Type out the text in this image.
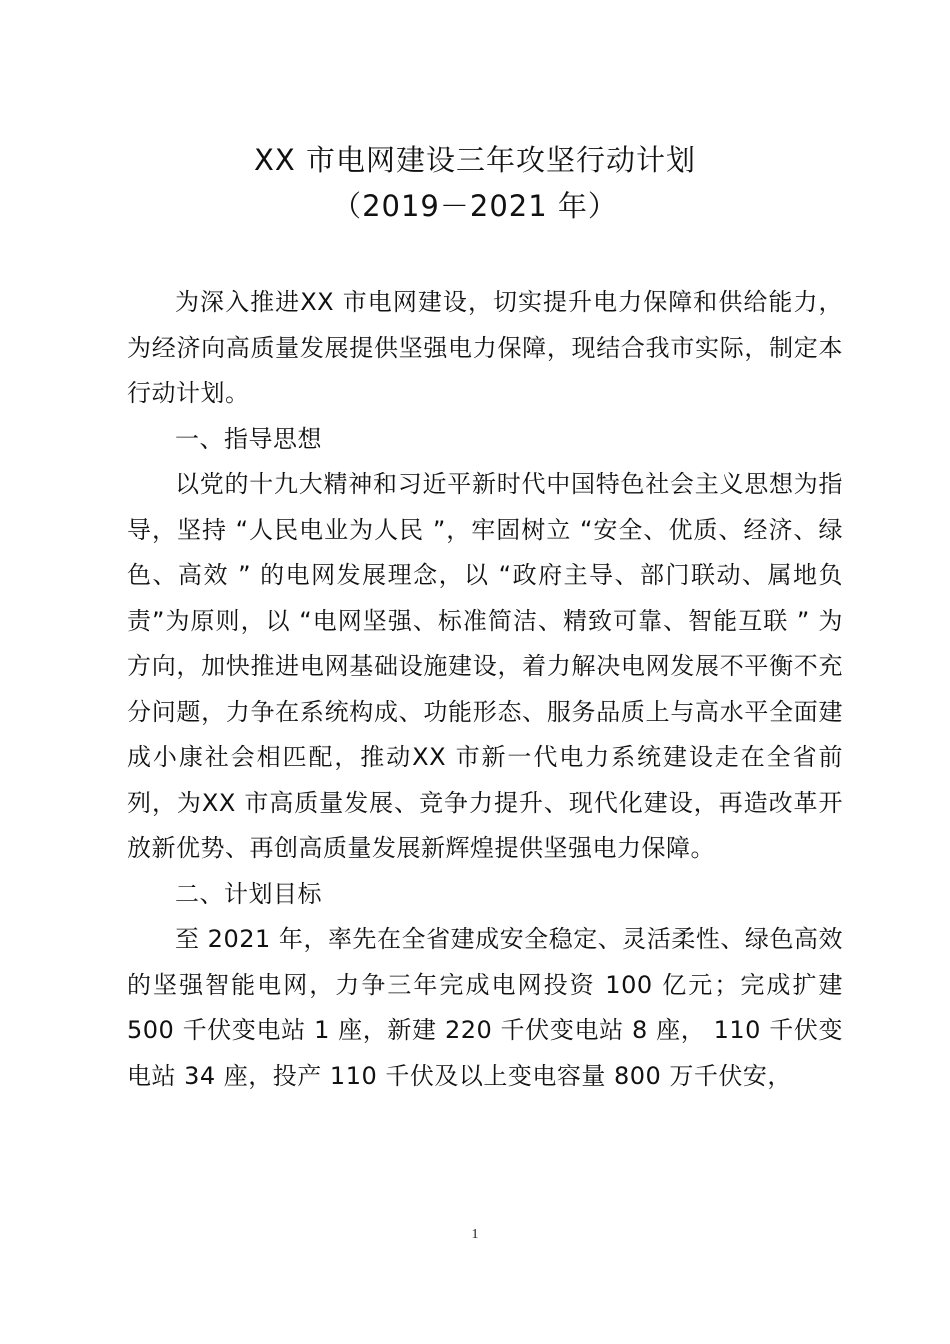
XX 市电网建设三年攻坚行动计划
（2019－2021 年）

为深入推进XX 市电网建设，切实提升电力保障和供给能力，为经济向高质量发展提供坚强电力保障，现结合我市实际，制定本行动计划。

一、指导思想

以党的十九大精神和习近平新时代中国特色社会主义思想为指导，坚持 “人民电业为人民 ”，牢固树立 “安全、优质、经济、绿色、高效 ” 的电网发展理念，以 “政府主导、部门联动、属地负责”为原则，以 “电网坚强、标准简洁、精致可靠、智能互联 ” 为方向，加快推进电网基础设施建设，着力解决电网发展不平衡不充分问题，力争在系统构成、功能形态、服务品质上与高水平全面建成小康社会相匹配，推动XX 市新一代电力系统建设走在全省前列，为XX 市高质量发展、竞争力提升、现代化建设，再造改革开放新优势、再创高质量发展新辉煌提供坚强电力保障。

二、计划目标

至 2021 年，率先在全省建成安全稳定、灵活柔性、绿色高效的坚强智能电网，力争三年完成电网投资 100 亿元；完成扩建 500 千伏变电站 1 座，新建 220 千伏变电站 8 座， 110 千伏变电站 34 座，投产 110 千伏及以上变电容量 800 万千伏安，

1
